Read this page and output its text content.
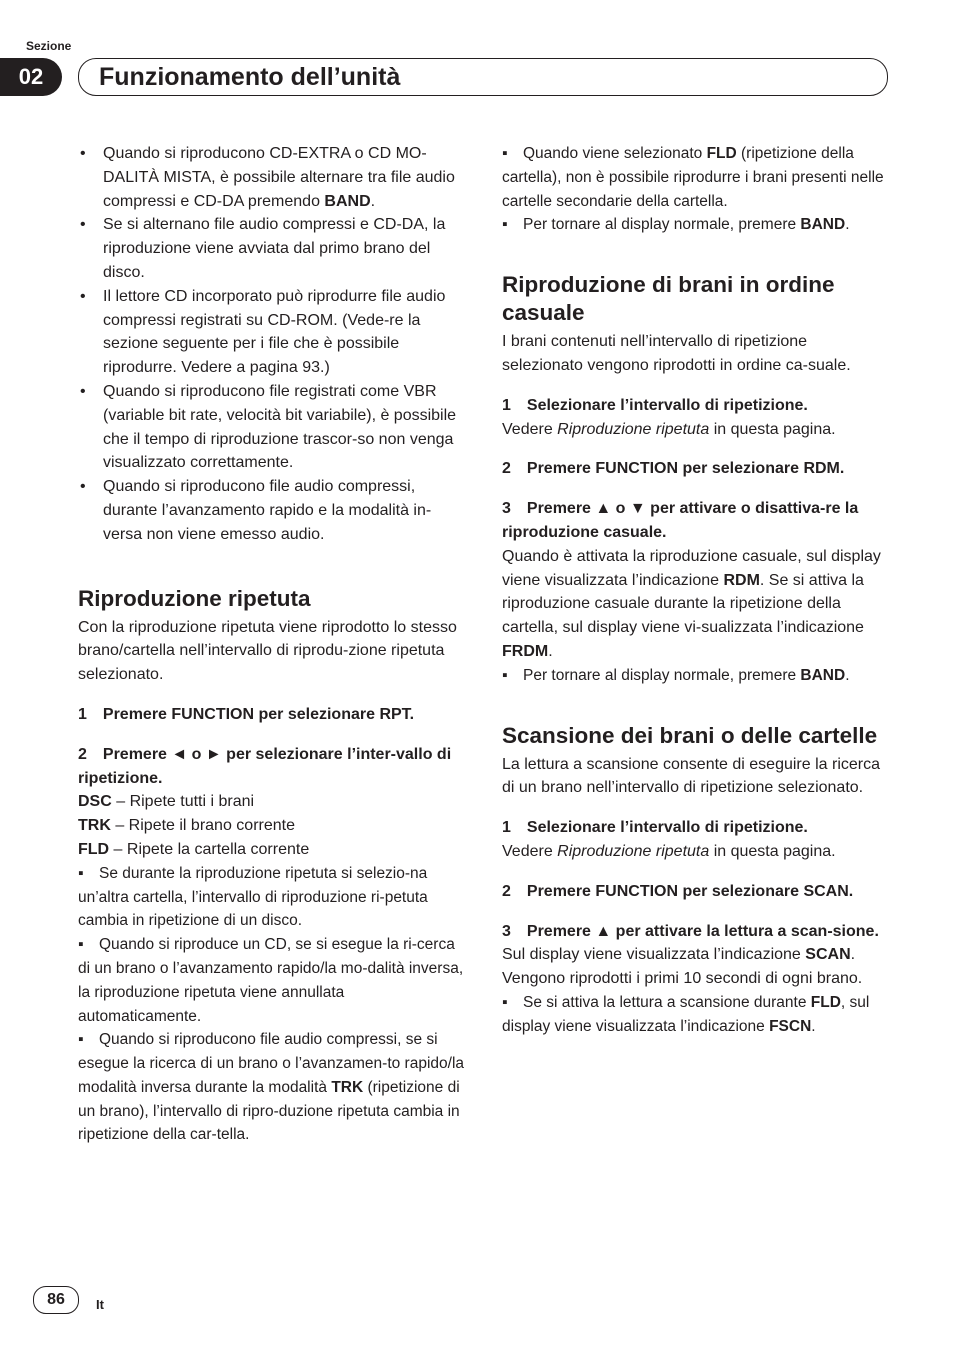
Sezione
02	Funzionamento dell’unità
• Quando si riproducono CD-EXTRA o CD MO-DALITÀ MISTA, è possibile alternare tra file audio compressi e CD-DA premendo BAND.
• Se si alternano file audio compressi e CD-DA, la riproduzione viene avviata dal primo brano del disco.
• Il lettore CD incorporato può riprodurre file audio compressi registrati su CD-ROM. (Vede-re la sezione seguente per i file che è possibile riprodurre. Vedere a pagina 93.)
• Quando si riproducono file registrati come VBR (variable bit rate, velocità bit variabile), è possibile che il tempo di riproduzione trascor-so non venga visualizzato correttamente.
• Quando si riproducono file audio compressi, durante l’avanzamento rapido e la modalità in-versa non viene emesso audio.
Riproduzione ripetuta

Con la riproduzione ripetuta viene riprodotto lo stesso brano/cartella nell’intervallo di riprodu-zione ripetuta selezionato.

1 Premere FUNCTION per selezionare RPT.

2 Premere ◄ o ► per selezionare l’inter-vallo di ripetizione.

DSC – Ripete tutti i brani

TRK – Ripete il brano corrente

FLD – Ripete la cartella corrente

▪ Se durante la riproduzione ripetuta si selezio-na un’altra cartella, l’intervallo di riproduzione ri-petuta cambia in ripetizione di un disco.

▪ Quando si riproduce un CD, se si esegue la ri-cerca di un brano o l’avanzamento rapido/la mo-dalità inversa, la riproduzione ripetuta viene annullata automaticamente.

▪ Quando si riproducono file audio compressi, se si esegue la ricerca di un brano o l’avanzamen-to rapido/la modalità inversa durante la modalità TRK (ripetizione di un brano), l’intervallo di ripro-duzione ripetuta cambia in ripetizione della car-tella.

▪ Quando viene selezionato FLD (ripetizione della cartella), non è possibile riprodurre i brani presenti nelle cartelle secondarie della cartella.

▪ Per tornare al display normale, premere BAND.

Riproduzione di brani in ordine casuale

I brani contenuti nell’intervallo di ripetizione selezionato vengono riprodotti in ordine ca-suale.

1 Selezionare l’intervallo di ripetizione.

Vedere Riproduzione ripetuta in questa pagina.

2 Premere FUNCTION per selezionare RDM.

3 Premere ▲ o ▼ per attivare o disattiva-re la riproduzione casuale.

Quando è attivata la riproduzione casuale, sul display viene visualizzata l’indicazione RDM. Se si attiva la riproduzione casuale durante la ripetizione della cartella, sul display viene vi-sualizzata l’indicazione FRDM.

▪ Per tornare al display normale, premere BAND.

Scansione dei brani o delle cartelle

La lettura a scansione consente di eseguire la ricerca di un brano nell’intervallo di ripetizione selezionato.

1 Selezionare l’intervallo di ripetizione.

Vedere Riproduzione ripetuta in questa pagina.

2 Premere FUNCTION per selezionare SCAN.

3 Premere ▲ per attivare la lettura a scan-sione.

Sul display viene visualizzata l’indicazione SCAN. Vengono riprodotti i primi 10 secondi di ogni brano.

▪ Se si attiva la lettura a scansione durante FLD, sul display viene visualizzata l’indicazione FSCN.

86	It
